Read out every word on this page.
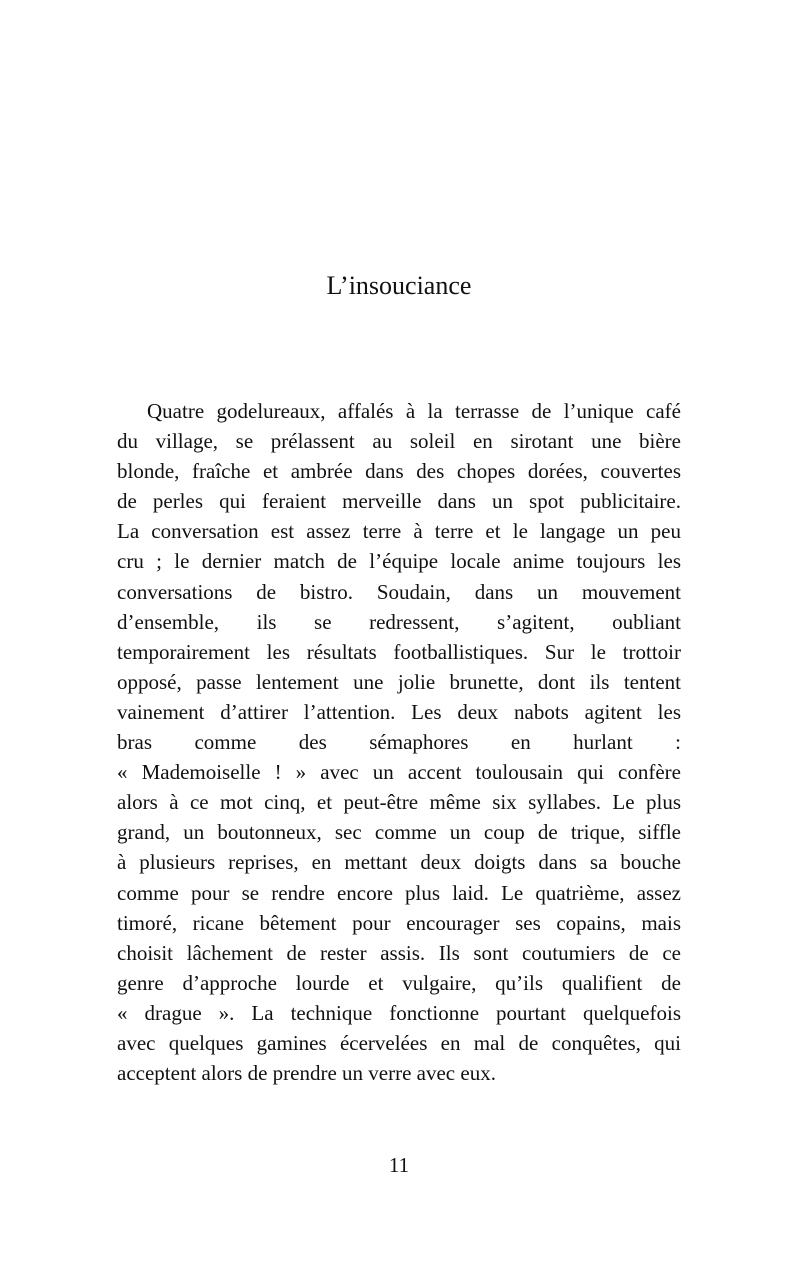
L’insouciance
Quatre godelureaux, affalés à la terrasse de l’unique café
du village, se prélassent au soleil en sirotant une bière
blonde, fraîche et ambrée dans des chopes dorées, couvertes
de perles qui feraient merveille dans un spot publicitaire.
La conversation est assez terre à terre et le langage un peu
cru ; le dernier match de l’équipe locale anime toujours les
conversations de bistro. Soudain, dans un mouvement
d’ensemble, ils se redressent, s’agitent, oubliant
temporairement les résultats footballistiques. Sur le trottoir
opposé, passe lentement une jolie brunette, dont ils tentent
vainement d’attirer l’attention. Les deux nabots agitent les
bras comme des sémaphores en hurlant :
« Mademoiselle ! » avec un accent toulousain qui confère
alors à ce mot cinq, et peut-être même six syllabes. Le plus
grand, un boutonneux, sec comme un coup de trique, siffle
à plusieurs reprises, en mettant deux doigts dans sa bouche
comme pour se rendre encore plus laid. Le quatrième, assez
timoré, ricane bêtement pour encourager ses copains, mais
choisit lâchement de rester assis. Ils sont coutumiers de ce
genre d’approche lourde et vulgaire, qu’ils qualifient de
« drague ». La technique fonctionne pourtant quelquefois
avec quelques gamines écervelées en mal de conquêtes, qui
acceptent alors de prendre un verre avec eux.
11
